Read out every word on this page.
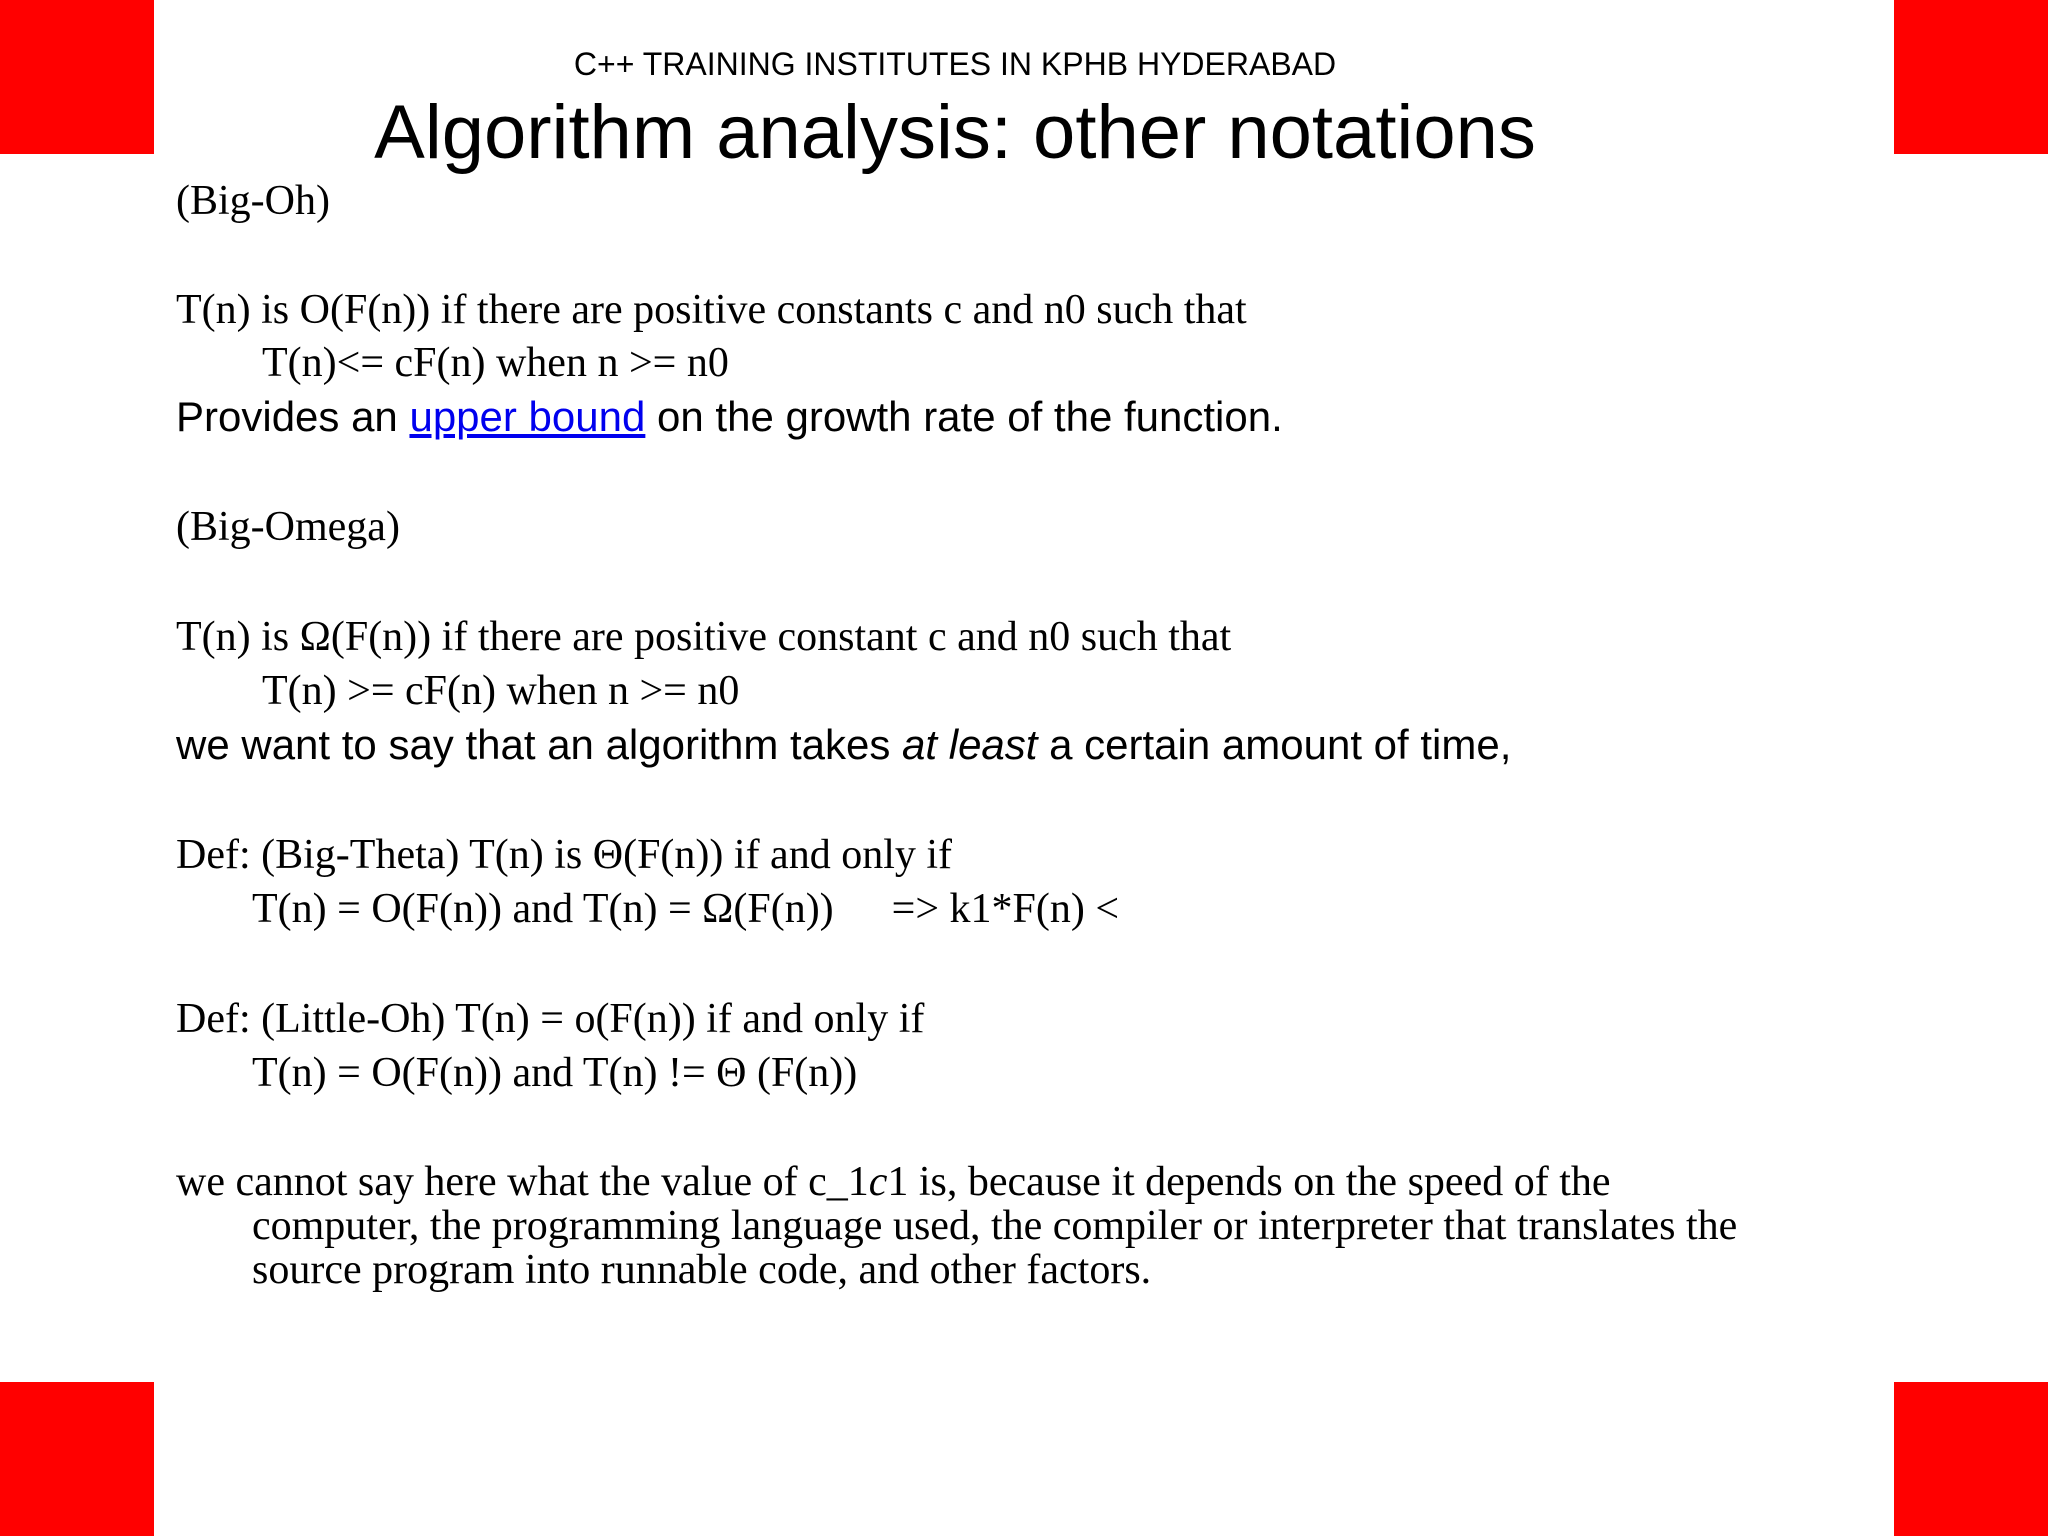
C++ TRAINING INSTITUTES IN KPHB HYDERABAD
Algorithm analysis: other notations
(Big-Oh)
T(n) is O(F(n)) if there are positive constants c and n0 such that
T(n)<= cF(n) when n >= n0
Provides an upper bound on the growth rate of the function.
(Big-Omega)
T(n) is Ω(F(n)) if there are positive constant c and n0 such that
T(n) >= cF(n) when n >= n0
we want to say that an algorithm takes at least a certain amount of time,
Def: (Big-Theta) T(n) is Θ(F(n)) if and only if
T(n) = O(F(n)) and T(n) = Ω(F(n)) => k1*F(n) <
Def: (Little-Oh) T(n) = o(F(n)) if and only if
T(n) = O(F(n)) and T(n) != Θ (F(n))
we cannot say here what the value of c_1c1 is, because it depends on the speed of the
computer, the programming language used, the compiler or interpreter that translates the
source program into runnable code, and other factors.
